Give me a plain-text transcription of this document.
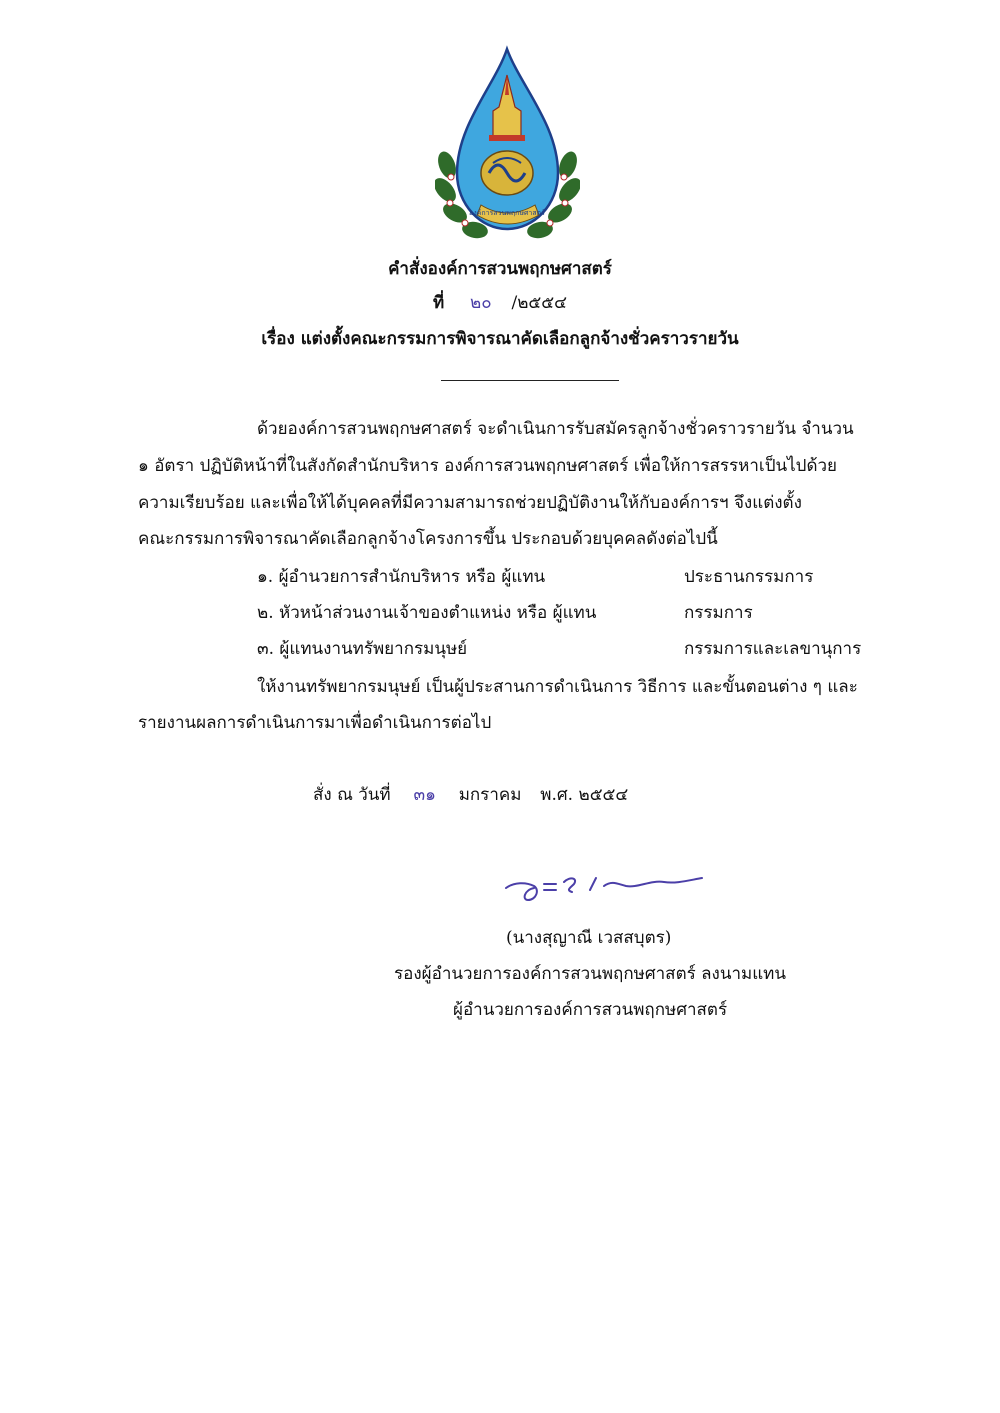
องค์การสวนพฤกษศาสตร์
คำสั่งองค์การสวนพฤกษศาสตร์
ที่ ๒๐ /๒๕๕๔
เรื่อง แต่งตั้งคณะกรรมการพิจารณาคัดเลือกลูกจ้างชั่วคราวรายวัน
ด้วยองค์การสวนพฤกษศาสตร์ จะดำเนินการรับสมัครลูกจ้างชั่วคราวรายวัน จำนวน
๑ อัตรา ปฏิบัติหน้าที่ในสังกัดสำนักบริหาร องค์การสวนพฤกษศาสตร์ เพื่อให้การสรรหาเป็นไปด้วย
ความเรียบร้อย และเพื่อให้ได้บุคคลที่มีความสามารถช่วยปฏิบัติงานให้กับองค์การฯ จึงแต่งตั้ง
คณะกรรมการพิจารณาคัดเลือกลูกจ้างโครงการขึ้น ประกอบด้วยบุคคลดังต่อไปนี้
๑. ผู้อำนวยการสำนักบริหาร หรือ ผู้แทน	ประธานกรรมการ
๒. หัวหน้าส่วนงานเจ้าของตำแหน่ง หรือ ผู้แทน	กรรมการ
๓. ผู้แทนงานทรัพยากรมนุษย์	กรรมการและเลขานุการ
ให้งานทรัพยากรมนุษย์ เป็นผู้ประสานการดำเนินการ วิธีการ และขั้นตอนต่าง ๆ และ
รายงานผลการดำเนินการมาเพื่อดำเนินการต่อไป
สั่ง ณ วันที่ ๓๑ มกราคม พ.ศ. ๒๕๕๔
(นางสุญาณี เวสสบุตร)
รองผู้อำนวยการองค์การสวนพฤกษศาสตร์ ลงนามแทน
ผู้อำนวยการองค์การสวนพฤกษศาสตร์
